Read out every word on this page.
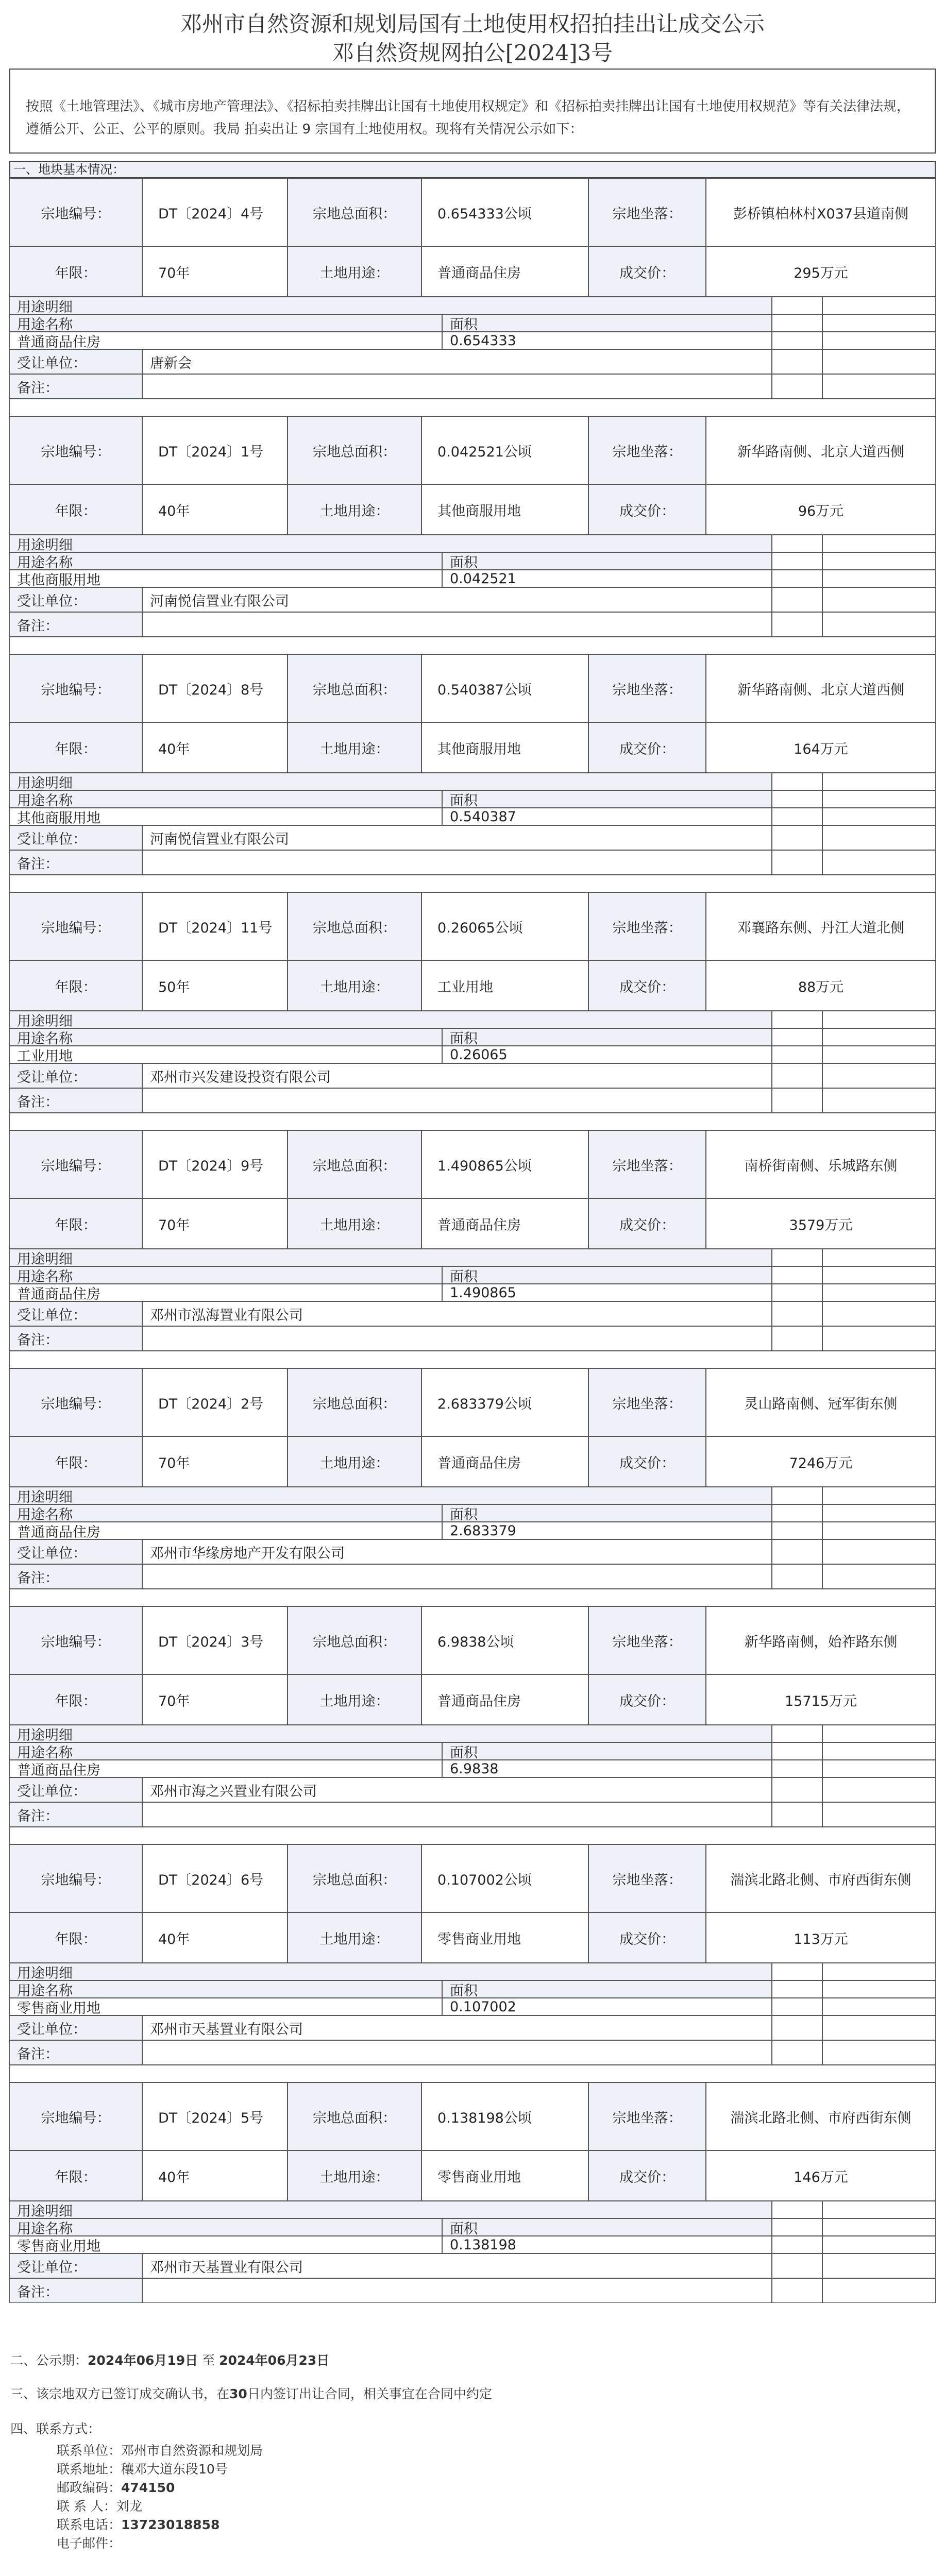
邓州市自然资源和规划局国有土地使用权招拍挂出让成交公示
邓自然资规网拍公[2024]3号
按照《土地管理法》、《城市房地产管理法》、《招标拍卖挂牌出让国有土地使用权规定》和《招标拍卖挂牌出让国有土地使用权规范》等有关法律法规，遵循公开、公正、公平的原则。我局 拍卖出让 9 宗国有土地使用权。现将有关情况公示如下：
一、地块基本情况：
宗地编号：	DT〔2024〕4号	宗地总面积：	0.654333公顷	宗地坐落：	彭桥镇柏林村X037县道南侧
年限：	70年	土地用途：	普通商品住房	成交价：	295万元
用途明细
用途名称	面积
普通商品住房	0.654333
受让单位：	唐新会
备注：
宗地编号：	DT〔2024〕1号	宗地总面积：	0.042521公顷	宗地坐落：	新华路南侧、北京大道西侧
年限：	40年	土地用途：	其他商服用地	成交价：	96万元
用途明细
用途名称	面积
其他商服用地	0.042521
受让单位：	河南悦信置业有限公司
备注：
宗地编号：	DT〔2024〕8号	宗地总面积：	0.540387公顷	宗地坐落：	新华路南侧、北京大道西侧
年限：	40年	土地用途：	其他商服用地	成交价：	164万元
用途明细
用途名称	面积
其他商服用地	0.540387
受让单位：	河南悦信置业有限公司
备注：
宗地编号：	DT〔2024〕11号	宗地总面积：	0.26065公顷	宗地坐落：	邓襄路东侧、丹江大道北侧
年限：	50年	土地用途：	工业用地	成交价：	88万元
用途明细
用途名称	面积
工业用地	0.26065
受让单位：	邓州市兴发建设投资有限公司
备注：
宗地编号：	DT〔2024〕9号	宗地总面积：	1.490865公顷	宗地坐落：	南桥街南侧、乐城路东侧
年限：	70年	土地用途：	普通商品住房	成交价：	3579万元
用途明细
用途名称	面积
普通商品住房	1.490865
受让单位：	邓州市泓海置业有限公司
备注：
宗地编号：	DT〔2024〕2号	宗地总面积：	2.683379公顷	宗地坐落：	灵山路南侧、冠军街东侧
年限：	70年	土地用途：	普通商品住房	成交价：	7246万元
用途明细
用途名称	面积
普通商品住房	2.683379
受让单位：	邓州市华缘房地产开发有限公司
备注：
宗地编号：	DT〔2024〕3号	宗地总面积：	6.9838公顷	宗地坐落：	新华路南侧，始祚路东侧
年限：	70年	土地用途：	普通商品住房	成交价：	15715万元
用途明细
用途名称	面积
普通商品住房	6.9838
受让单位：	邓州市海之兴置业有限公司
备注：
宗地编号：	DT〔2024〕6号	宗地总面积：	0.107002公顷	宗地坐落：	湍滨北路北侧、市府西街东侧
年限：	40年	土地用途：	零售商业用地	成交价：	113万元
用途明细
用途名称	面积
零售商业用地	0.107002
受让单位：	邓州市天基置业有限公司
备注：
宗地编号：	DT〔2024〕5号	宗地总面积：	0.138198公顷	宗地坐落：	湍滨北路北侧、市府西街东侧
年限：	40年	土地用途：	零售商业用地	成交价：	146万元
用途明细
用途名称	面积
零售商业用地	0.138198
受让单位：	邓州市天基置业有限公司
备注：
二、公示期：2024年06月19日 至 2024年06月23日
三、该宗地双方已签订成交确认书，在30日内签订出让合同，相关事宜在合同中约定
四、联系方式：
联系单位：邓州市自然资源和规划局
联系地址：穰邓大道东段10号
邮政编码：474150
联 系 人：刘龙
联系电话：13723018858
电子邮件：
